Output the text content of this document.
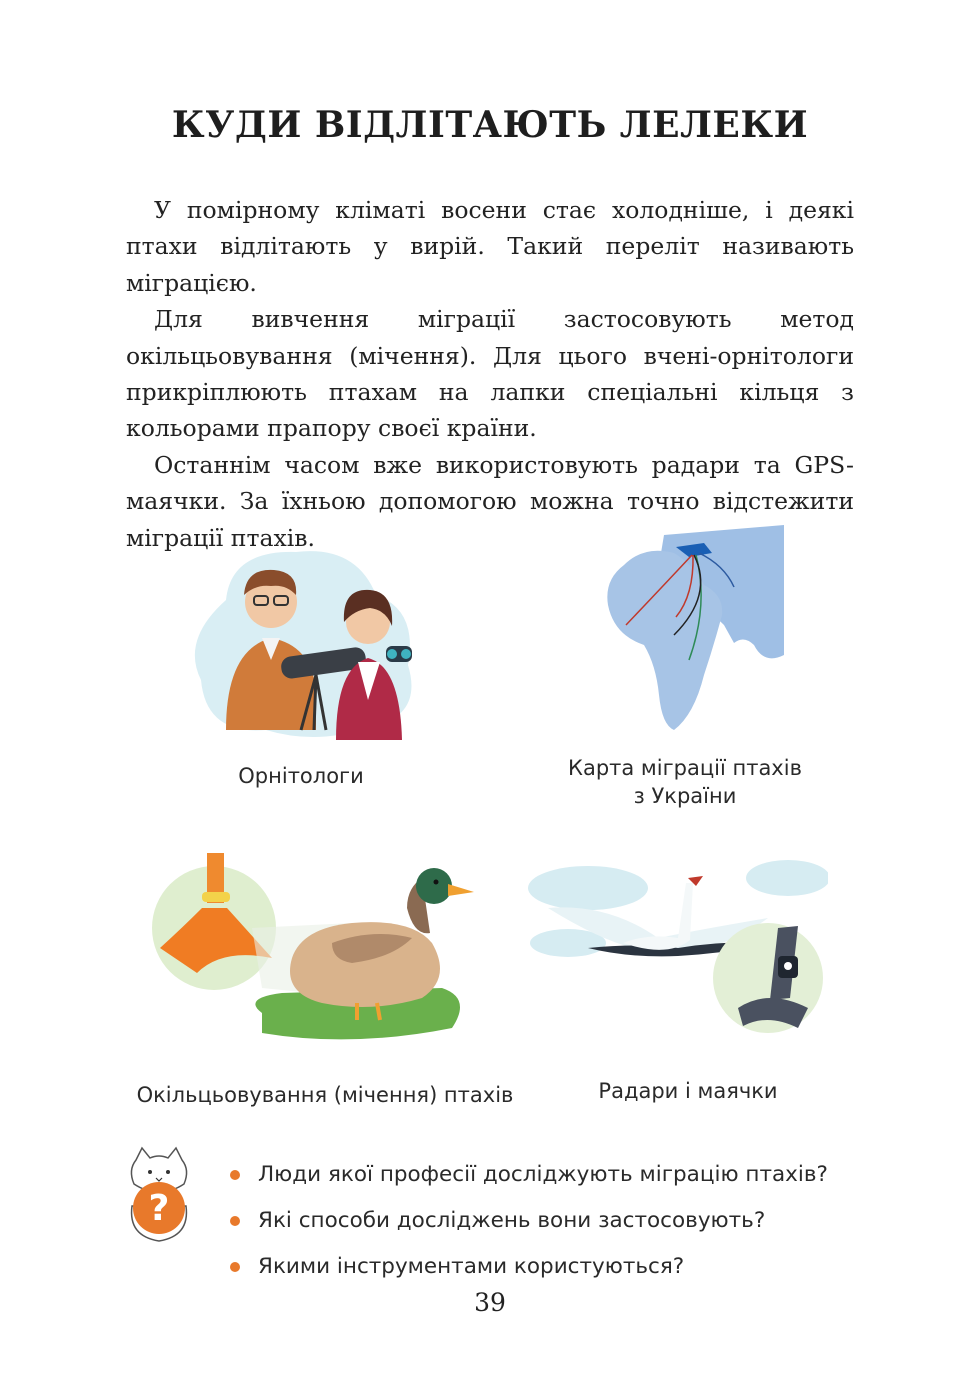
КУДИ ВІДЛІТАЮТЬ ЛЕЛЕКИ

У помірному кліматі восени стає холодніше, і деякі птахи відлітають у вирій. Такий переліт називають міграцією.

Для вивчення міграції застосовують метод окільцьовування (мічення). Для цього вчені-орнітологи прикріплюють птахам на лапки спеціальні кільця з кольорами прапору своєї країни.

Останнім часом вже використовують радари та GPS-маячки. За їхньою допомогою можна точно відстежити міграції птахів.

Орнітологи	Карта міграції птахів
з України
Окільцьовування (мічення) птахів	Радари і маячки
?
Люди якої професії досліджують міграцію птахів?
Які способи досліджень вони застосовують?
Якими інструментами користуються?
39
